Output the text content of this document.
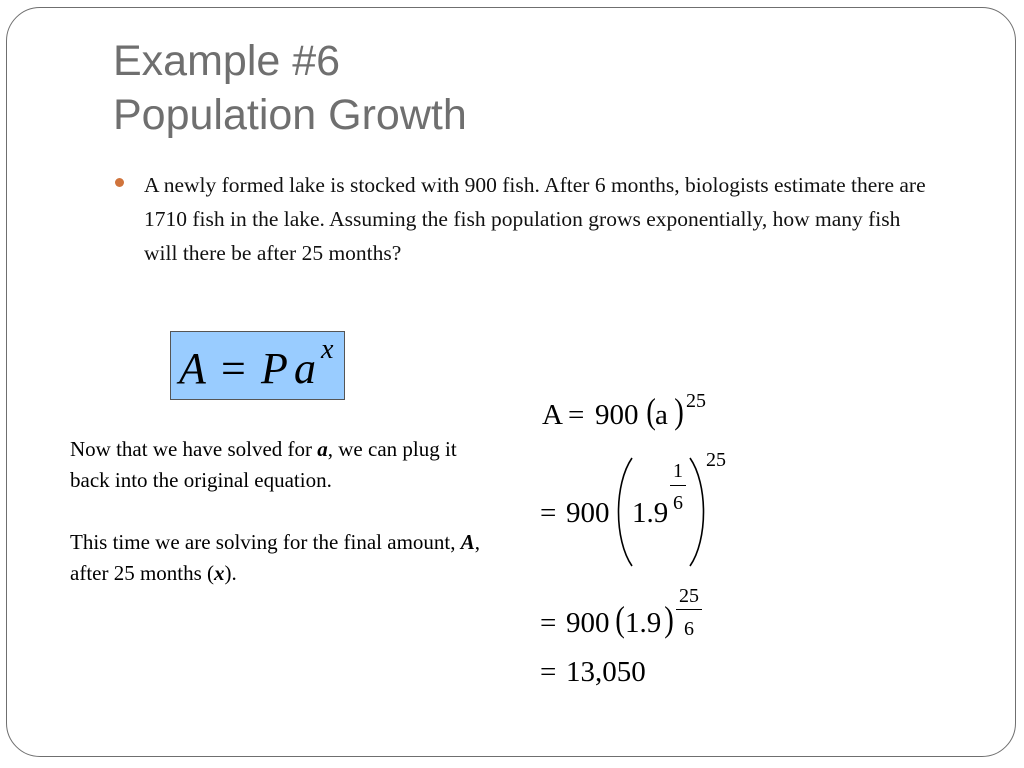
Example #6
Population Growth
A newly formed lake is stocked with 900 fish. After 6 months, biologists estimate there are 1710 fish in the lake. Assuming the fish population grows exponentially, how many fish will there be after 25 months?
A = P a x

Now that we have solved for a, we can plug it back into the original equation.

This time we are solving for the final amount, A, after 25 months (x).

A = 900 ( a ) 25
= 900 1.9
1
6
25
= 900 ( 1.9 )
25
6
= 13,050
